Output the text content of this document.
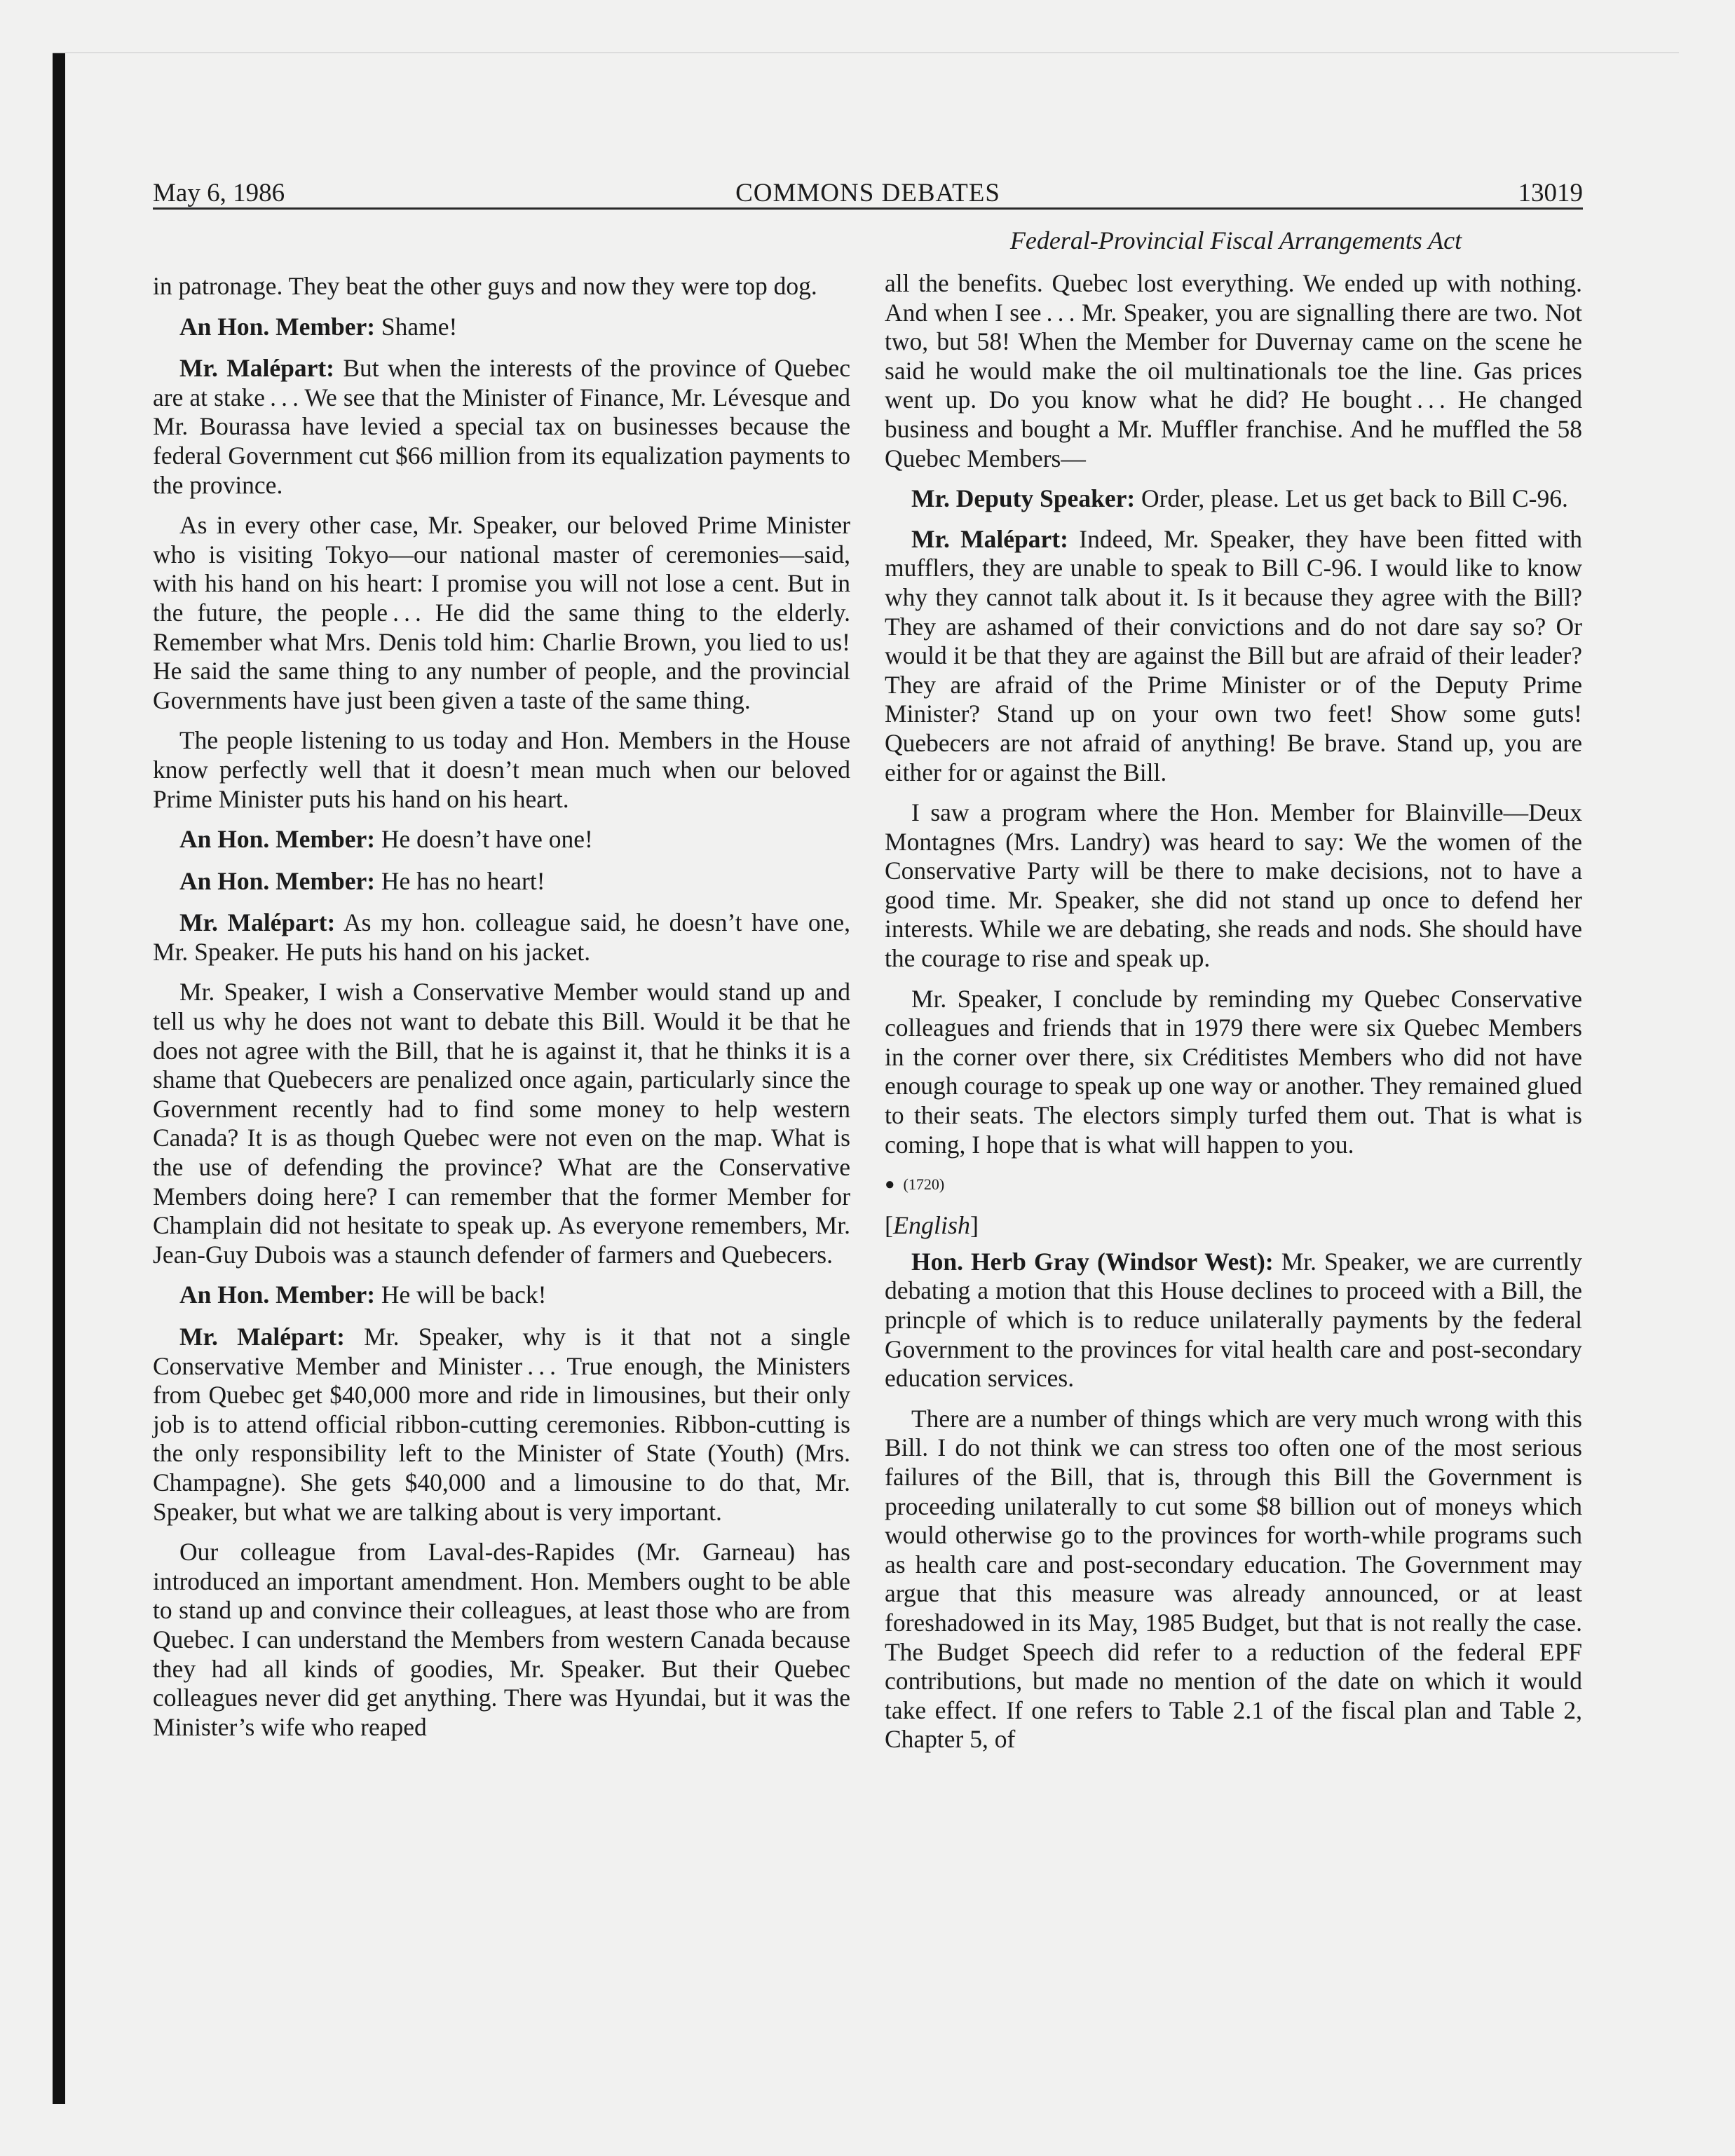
May 6, 1986	COMMONS DEBATES	13019
Federal-Provincial Fiscal Arrangements Act

in patronage. They beat the other guys and now they were top dog.

An Hon. Member: Shame!

Mr. Malépart: But when the interests of the province of Quebec are at stake . . . We see that the Minister of Finance, Mr. Lévesque and Mr. Bourassa have levied a special tax on businesses because the federal Government cut $66 million from its equalization payments to the province.

As in every other case, Mr. Speaker, our beloved Prime Minister who is visiting Tokyo—our national master of ceremonies—said, with his hand on his heart: I promise you will not lose a cent. But in the future, the people . . . He did the same thing to the elderly. Remember what Mrs. Denis told him: Charlie Brown, you lied to us! He said the same thing to any number of people, and the provincial Governments have just been given a taste of the same thing.

The people listening to us today and Hon. Members in the House know perfectly well that it doesn’t mean much when our beloved Prime Minister puts his hand on his heart.

An Hon. Member: He doesn’t have one!

An Hon. Member: He has no heart!

Mr. Malépart: As my hon. colleague said, he doesn’t have one, Mr. Speaker. He puts his hand on his jacket.

Mr. Speaker, I wish a Conservative Member would stand up and tell us why he does not want to debate this Bill. Would it be that he does not agree with the Bill, that he is against it, that he thinks it is a shame that Quebecers are penalized once again, particularly since the Government recently had to find some money to help western Canada? It is as though Quebec were not even on the map. What is the use of defending the province? What are the Conservative Members doing here? I can remember that the former Member for Champlain did not hesitate to speak up. As everyone remembers, Mr. Jean-Guy Dubois was a staunch defender of farmers and Quebecers.

An Hon. Member: He will be back!

Mr. Malépart: Mr. Speaker, why is it that not a single Conservative Member and Minister . . . True enough, the Ministers from Quebec get $40,000 more and ride in limousines, but their only job is to attend official ribbon-cutting ceremonies. Ribbon-cutting is the only responsibility left to the Minister of State (Youth) (Mrs. Champagne). She gets $40,000 and a limousine to do that, Mr. Speaker, but what we are talking about is very important.

Our colleague from Laval-des-Rapides (Mr. Garneau) has introduced an important amendment. Hon. Members ought to be able to stand up and convince their colleagues, at least those who are from Quebec. I can understand the Members from western Canada because they had all kinds of goodies, Mr. Speaker. But their Quebec colleagues never did get anything. There was Hyundai, but it was the Minister’s wife who reaped

all the benefits. Quebec lost everything. We ended up with nothing. And when I see . . . Mr. Speaker, you are signalling there are two. Not two, but 58! When the Member for Duvernay came on the scene he said he would make the oil multinationals toe the line. Gas prices went up. Do you know what he did? He bought . . . He changed business and bought a Mr. Muffler franchise. And he muffled the 58 Quebec Members—

Mr. Deputy Speaker: Order, please. Let us get back to Bill C-96.

Mr. Malépart: Indeed, Mr. Speaker, they have been fitted with mufflers, they are unable to speak to Bill C-96. I would like to know why they cannot talk about it. Is it because they agree with the Bill? They are ashamed of their convictions and do not dare say so? Or would it be that they are against the Bill but are afraid of their leader? They are afraid of the Prime Minister or of the Deputy Prime Minister? Stand up on your own two feet! Show some guts! Quebecers are not afraid of anything! Be brave. Stand up, you are either for or against the Bill.

I saw a program where the Hon. Member for Blainville—Deux Montagnes (Mrs. Landry) was heard to say: We the women of the Conservative Party will be there to make decisions, not to have a good time. Mr. Speaker, she did not stand up once to defend her interests. While we are debating, she reads and nods. She should have the courage to rise and speak up.

Mr. Speaker, I conclude by reminding my Quebec Conservative colleagues and friends that in 1979 there were six Quebec Members in the corner over there, six Créditistes Members who did not have enough courage to speak up one way or another. They remained glued to their seats. The electors simply turfed them out. That is what is coming, I hope that is what will happen to you.

● (1720)
[English]

Hon. Herb Gray (Windsor West): Mr. Speaker, we are currently debating a motion that this House declines to proceed with a Bill, the princple of which is to reduce unilaterally payments by the federal Government to the provinces for vital health care and post-secondary education services.

There are a number of things which are very much wrong with this Bill. I do not think we can stress too often one of the most serious failures of the Bill, that is, through this Bill the Government is proceeding unilaterally to cut some $8 billion out of moneys which would otherwise go to the provinces for worth-while programs such as health care and post-secondary education. The Government may argue that this measure was already announced, or at least foreshadowed in its May, 1985 Budget, but that is not really the case. The Budget Speech did refer to a reduction of the federal EPF contributions, but made no mention of the date on which it would take effect. If one refers to Table 2.1 of the fiscal plan and Table 2, Chapter 5, of
